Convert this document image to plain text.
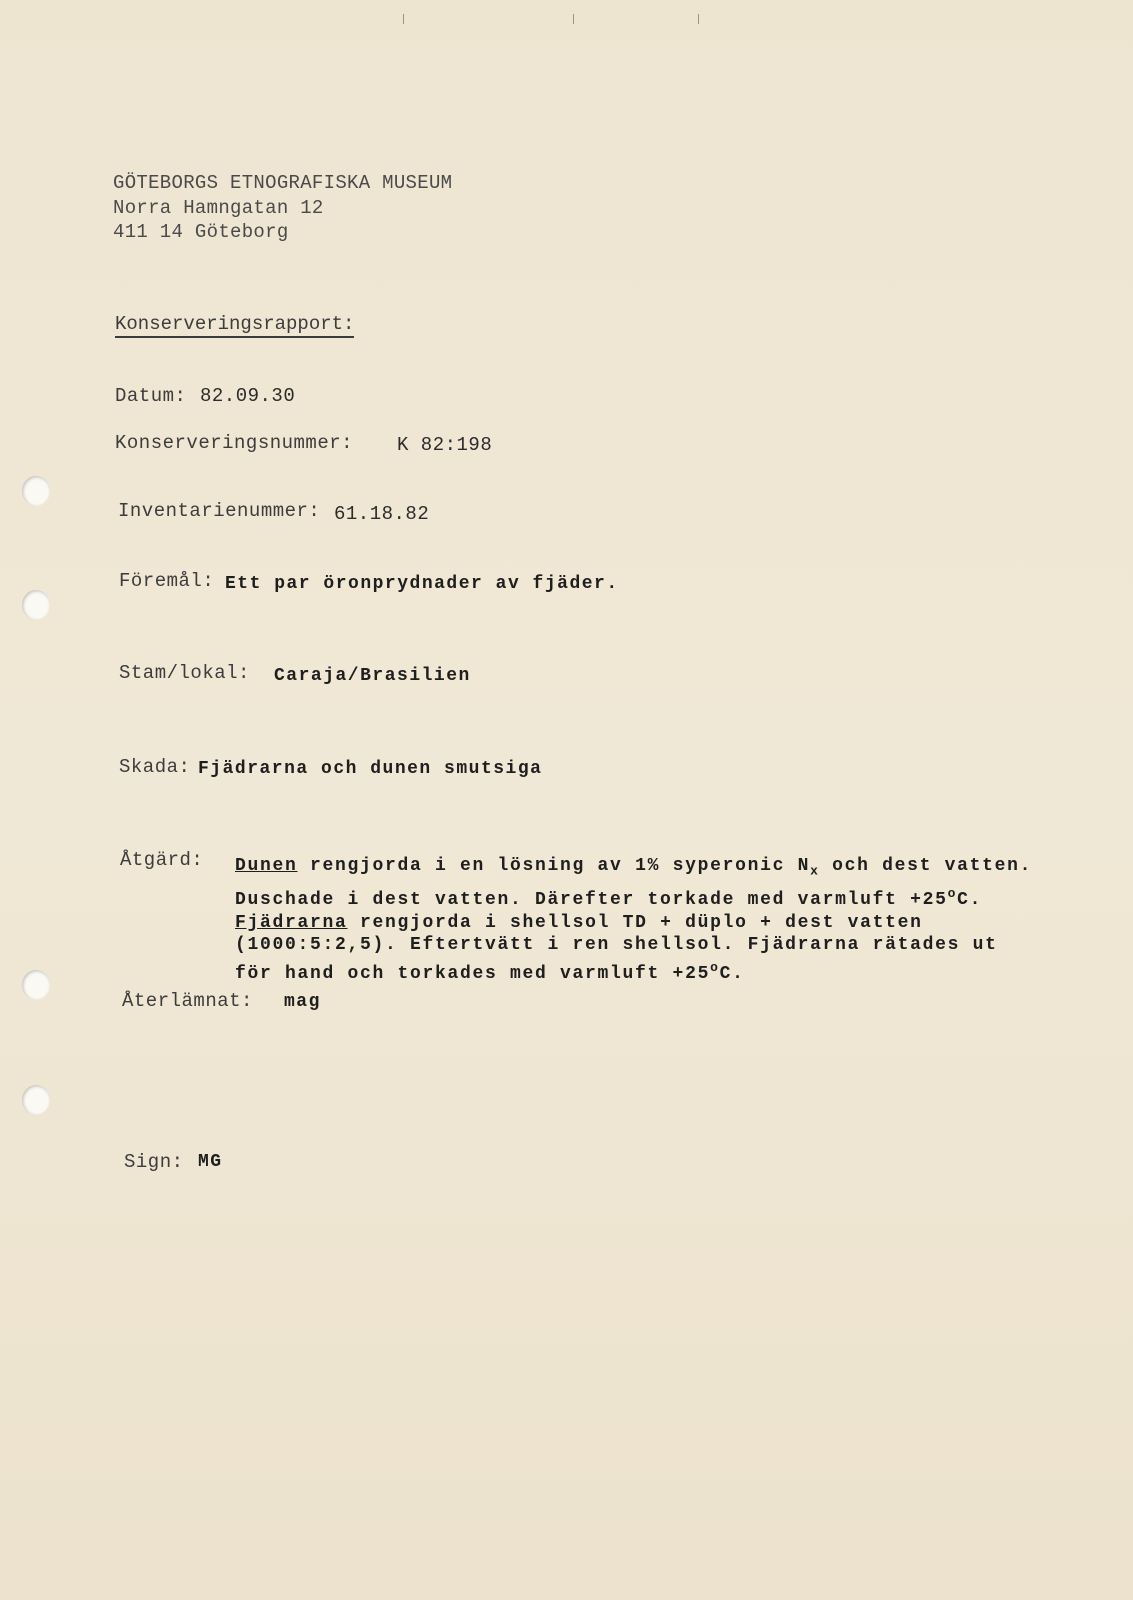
GÖTEBORGS ETNOGRAFISKA MUSEUM
Norra Hamngatan 12
411 14 Göteborg
Konserveringsrapport:
Datum: 82.09.30
Konserveringsnummer: K 82:198
Inventarienummer: 61.18.82
Föremål: Ett par öronprydnader av fjäder.
Stam/lokal: Caraja/Brasilien
Skada: Fjädrarna och dunen smutsiga
Åtgärd: Dunen rengjorda i en lösning av 1% syperonic $N_x$ och dest vatten.
Duschade i dest vatten. Därefter torkade med varmluft $+25^oC$.
Fjädrarna rengjorda i shellsol TD + düplo + dest vatten
(1000:5:2,5). Eftertvätt i ren shellsol. Fjädrarna rätades ut
för hand och torkades med varmluft $+25^oC$.
Återlämnat: mag
Sign: MG
